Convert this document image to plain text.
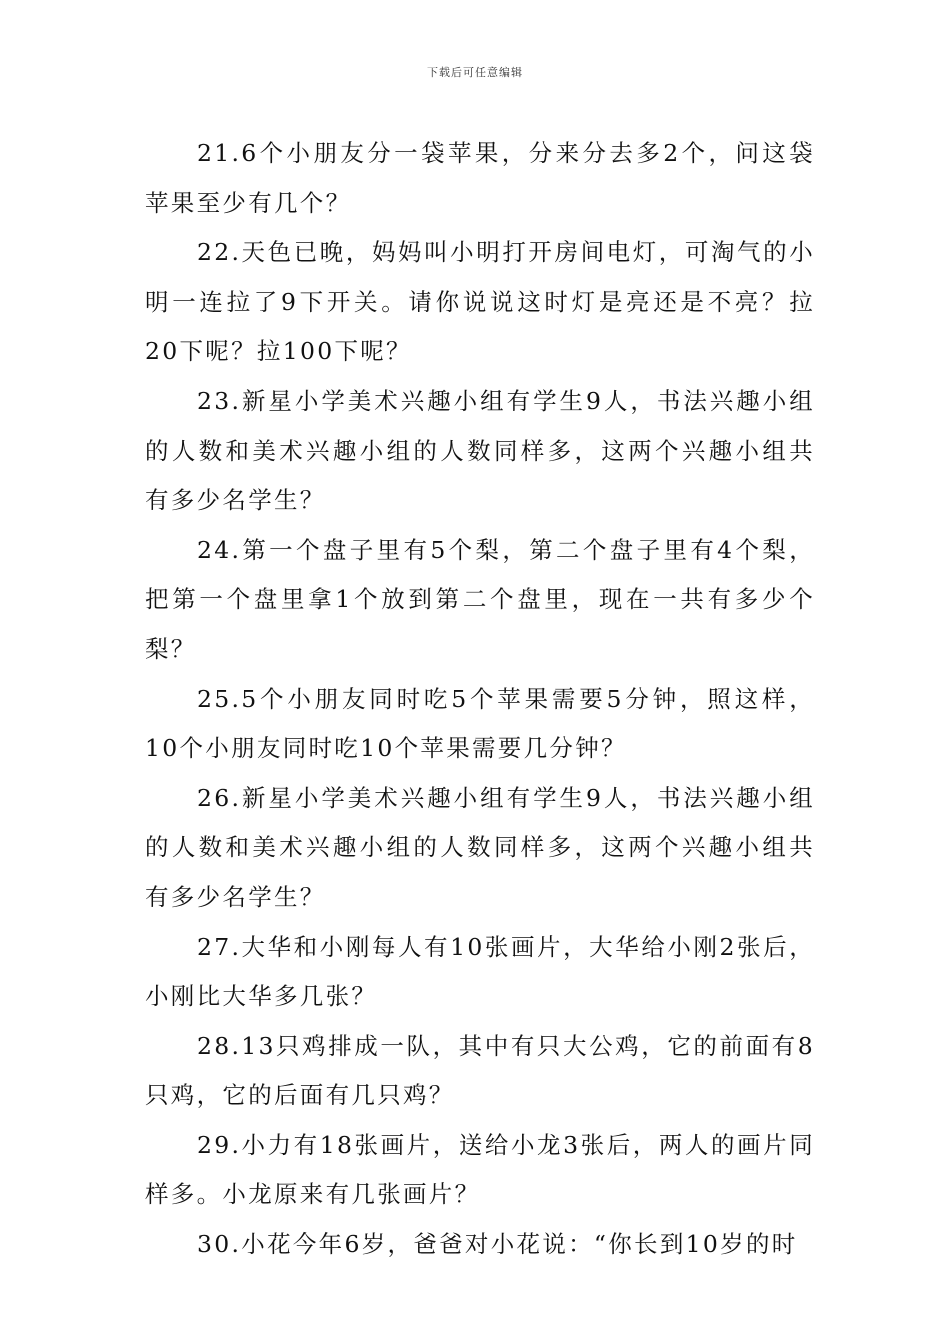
下载后可任意编辑

21.6个小朋友分一袋苹果，分来分去多2个，问这袋苹果至少有几个？

22.天色已晚，妈妈叫小明打开房间电灯，可淘气的小明一连拉了9下开关。请你说说这时灯是亮还是不亮？拉20下呢？拉100下呢？

23.新星小学美术兴趣小组有学生9人，书法兴趣小组的人数和美术兴趣小组的人数同样多，这两个兴趣小组共有多少名学生？

24.第一个盘子里有5个梨，第二个盘子里有4个梨，把第一个盘里拿1个放到第二个盘里，现在一共有多少个梨？

25.5个小朋友同时吃5个苹果需要5分钟，照这样，10个小朋友同时吃10个苹果需要几分钟？

26.新星小学美术兴趣小组有学生9人，书法兴趣小组的人数和美术兴趣小组的人数同样多，这两个兴趣小组共有多少名学生？

27.大华和小刚每人有10张画片，大华给小刚2张后，小刚比大华多几张？

28.13只鸡排成一队，其中有只大公鸡，它的前面有8只鸡，它的后面有几只鸡？

29.小力有18张画片，送给小龙3张后，两人的画片同样多。小龙原来有几张画片？

30.小花今年6岁，爸爸对小花说：“你长到10岁的时
